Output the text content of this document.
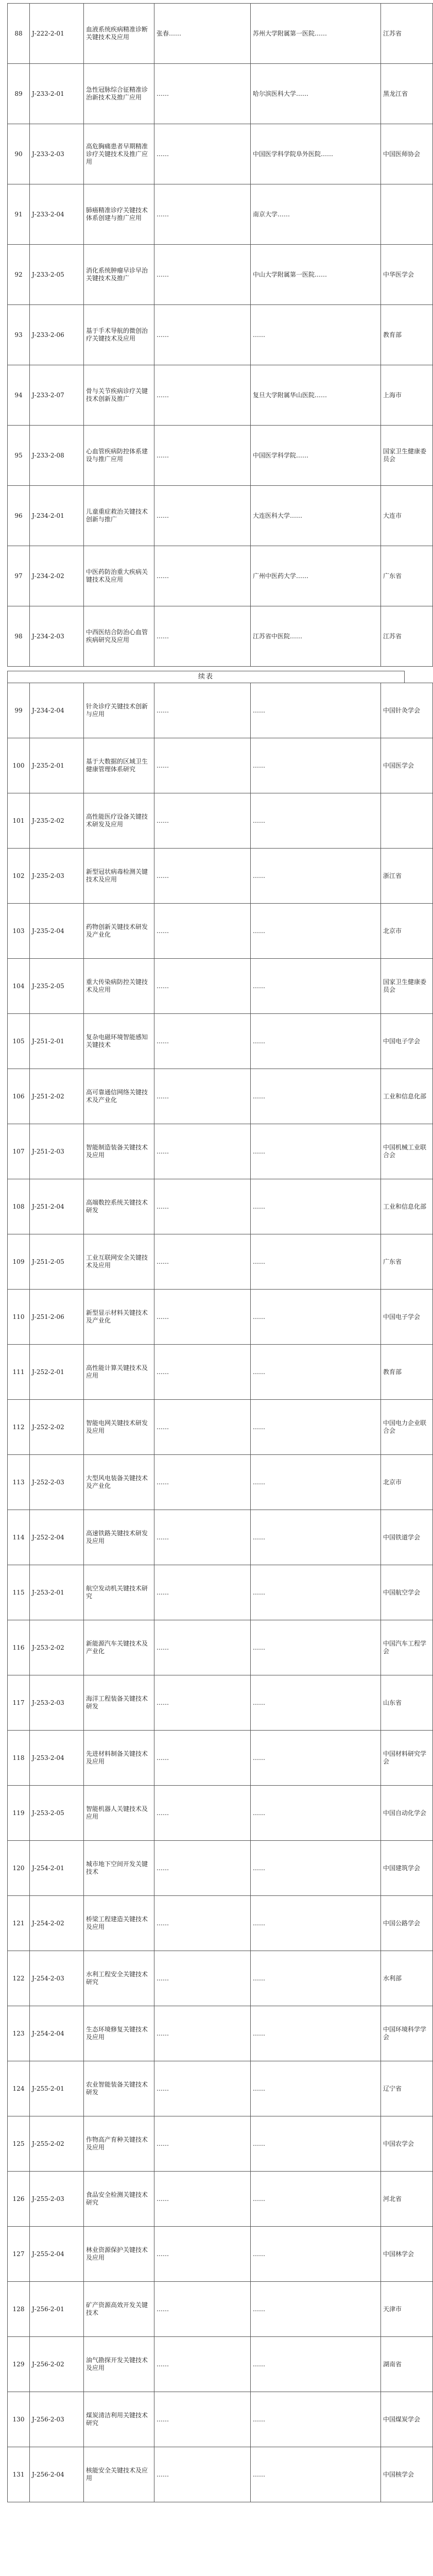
88	J-222-2-01	血液系统疾病精准诊断关键技术及应用	张春……	苏州大学附属第一医院……	江苏省
89	J-233-2-01	急性冠脉综合征精准诊治新技术及推广应用	……	哈尔滨医科大学……	黑龙江省
90	J-233-2-03	高危胸痛患者早期精准诊疗关键技术及推广应用	……	中国医学科学院阜外医院……	中国医师协会
91	J-233-2-04	肺癌精准诊疗关键技术体系创建与推广应用	……	南京大学……	
92	J-233-2-05	消化系统肿瘤早诊早治关键技术及推广	……	中山大学附属第一医院……	中华医学会
93	J-233-2-06	基于手术导航的微创治疗关键技术及应用	……	……	教育部
94	J-233-2-07	骨与关节疾病诊疗关键技术创新及推广	……	复旦大学附属华山医院……	上海市
95	J-233-2-08	心血管疾病防控体系建设与推广应用	……	中国医学科学院……	国家卫生健康委员会
96	J-234-2-01	儿童重症救治关键技术创新与推广	……	大连医科大学……	大连市
97	J-234-2-02	中医药防治重大疾病关键技术及应用	……	广州中医药大学……	广东省
98	J-234-2-03	中西医结合防治心血管疾病研究及应用	……	江苏省中医院……	江苏省
续表
99	J-234-2-04	针灸诊疗关键技术创新与应用	……	……	中国针灸学会
100	J-235-2-01	基于大数据的区域卫生健康管理体系研究	……	……	中国医学会
101	J-235-2-02	高性能医疗设备关键技术研发及应用	……	……	
102	J-235-2-03	新型冠状病毒检测关键技术及应用	……	……	浙江省
103	J-235-2-04	药物创新关键技术研发及产业化	……	……	北京市
104	J-235-2-05	重大传染病防控关键技术及应用	……	……	国家卫生健康委员会
105	J-251-2-01	复杂电磁环境智能感知关键技术	……	……	中国电子学会
106	J-251-2-02	高可靠通信网络关键技术及产业化	……	……	工业和信息化部
107	J-251-2-03	智能制造装备关键技术及应用	……	……	中国机械工业联合会
108	J-251-2-04	高端数控系统关键技术研发	……	……	工业和信息化部
109	J-251-2-05	工业互联网安全关键技术及应用	……	……	广东省
110	J-251-2-06	新型显示材料关键技术及产业化	……	……	中国电子学会
111	J-252-2-01	高性能计算关键技术及应用	……	……	教育部
112	J-252-2-02	智能电网关键技术研发及应用	……	……	中国电力企业联合会
113	J-252-2-03	大型风电装备关键技术及产业化	……	……	北京市
114	J-252-2-04	高速铁路关键技术研发及应用	……	……	中国铁道学会
115	J-253-2-01	航空发动机关键技术研究	……	……	中国航空学会
116	J-253-2-02	新能源汽车关键技术及产业化	……	……	中国汽车工程学会
117	J-253-2-03	海洋工程装备关键技术研发	……	……	山东省
118	J-253-2-04	先进材料制备关键技术及应用	……	……	中国材料研究学会
119	J-253-2-05	智能机器人关键技术及应用	……	……	中国自动化学会
120	J-254-2-01	城市地下空间开发关键技术	……	……	中国建筑学会
121	J-254-2-02	桥梁工程建造关键技术及应用	……	……	中国公路学会
122	J-254-2-03	水利工程安全关键技术研究	……	……	水利部
123	J-254-2-04	生态环境修复关键技术及应用	……	……	中国环境科学学会
124	J-255-2-01	农业智能装备关键技术研发	……	……	辽宁省
125	J-255-2-02	作物高产育种关键技术及应用	……	……	中国农学会
126	J-255-2-03	食品安全检测关键技术研究	……	……	河北省
127	J-255-2-04	林业资源保护关键技术及应用	……	……	中国林学会
128	J-256-2-01	矿产资源高效开发关键技术	……	……	天津市
129	J-256-2-02	油气勘探开发关键技术及应用	……	……	湖南省
130	J-256-2-03	煤炭清洁利用关键技术研究	……	……	中国煤炭学会
131	J-256-2-04	核能安全关键技术及应用	……	……	中国核学会
